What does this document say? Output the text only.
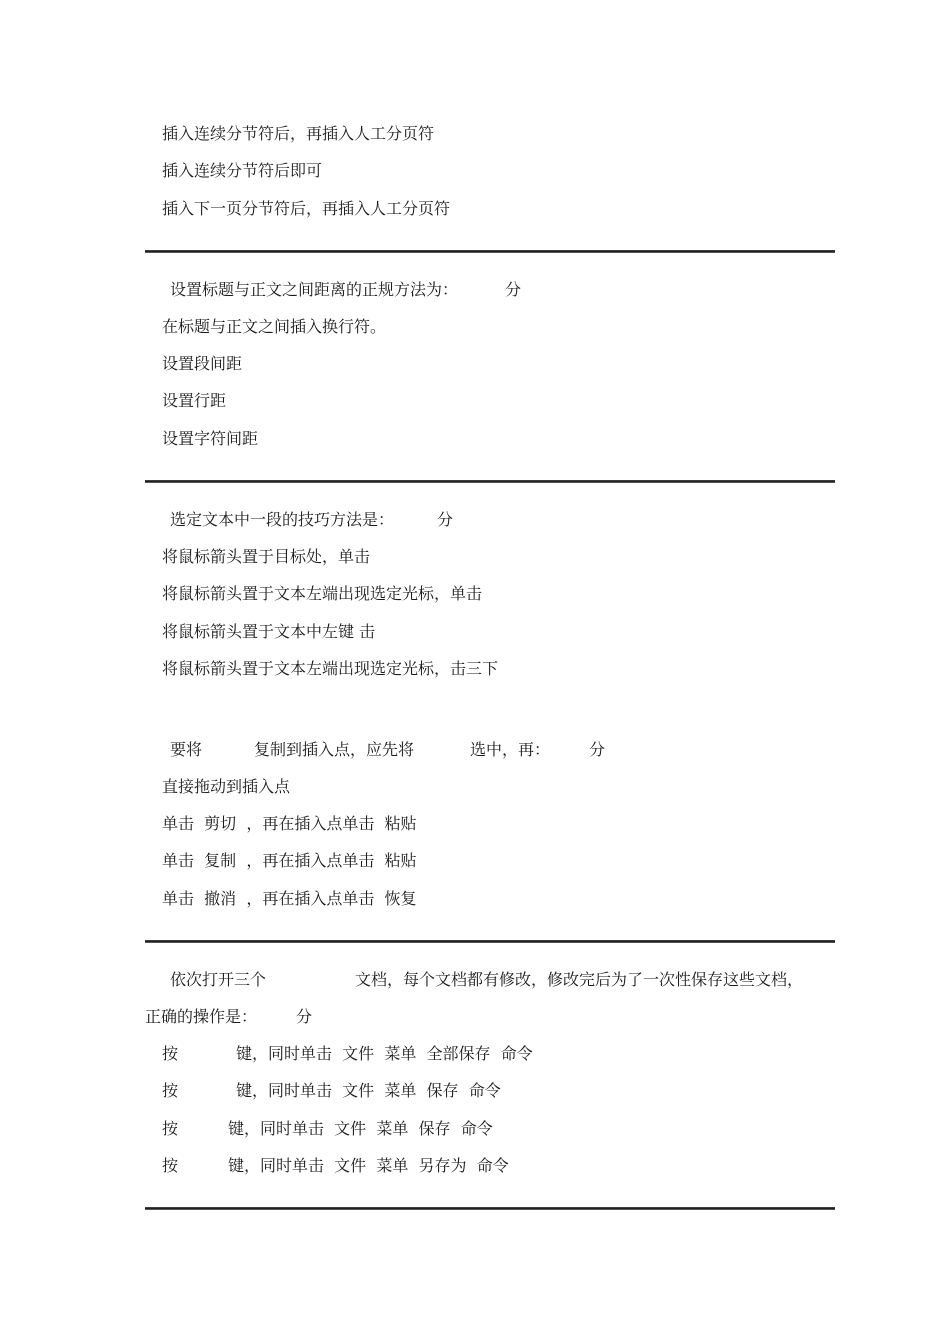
插入连续分节符后，再插入人工分页符
插入连续分节符后即可
插入下一页分节符后，再插入人工分页符
设置标题与正文之间距离的正规方法为：	分
在标题与正文之间插入换行符。
设置段间距
设置行距
设置字符间距
选定文本中一段的技巧方法是：	分
将鼠标箭头置于目标处，单击
将鼠标箭头置于文本左端出现选定光标，单击
将鼠标箭头置于文本中左键 击
将鼠标箭头置于文本左端出现选定光标，击三下
要将	复制到插入点，应先将	选中，再： 分
直接拖动到插入点
单击  剪切  ，再在插入点单击  粘贴
单击  复制  ，再在插入点单击  粘贴
单击  撤消  ，再在插入点单击  恢复
依次打开三个	文档，每个文档都有修改，修改完后为了一次性保存这些文档，
正确的操作是： 分
按	键，同时单击  文件  菜单  全部保存  命令
按	键，同时单击  文件  菜单  保存  命令
按	键，同时单击  文件  菜单  保存  命令
按	键，同时单击  文件  菜单  另存为  命令
